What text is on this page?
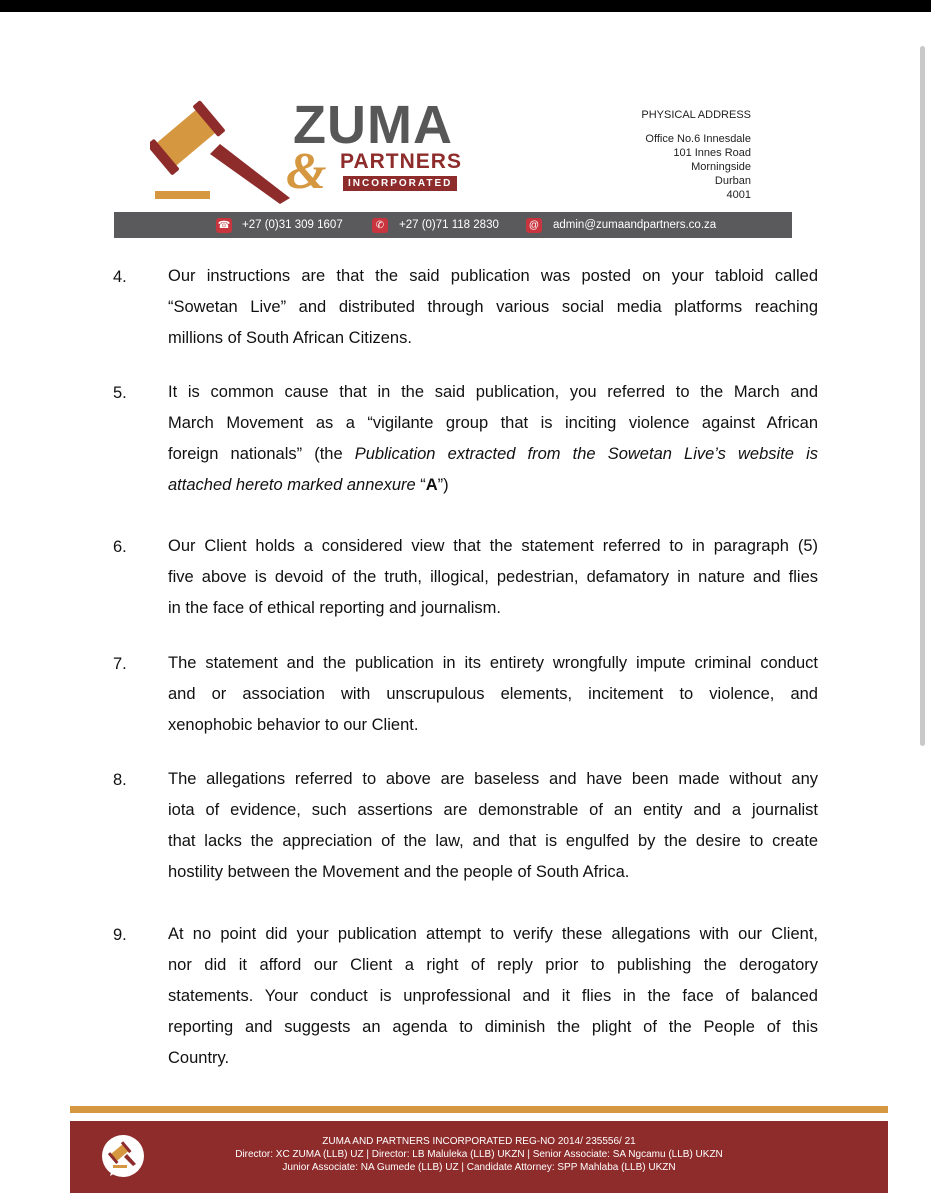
ZUMA
& PARTNERS
INCORPORATED
PHYSICAL ADDRESS
Office No.6 Innesdale
101 Innes Road
Morningside
Durban
4001
☎ +27 (0)31 309 1607	✆	+27 (0)71 118 2830	@ admin@zumaandpartners.co.za
4. Our instructions are that the said publication was posted on your tabloid called
“Sowetan Live” and distributed through various social media platforms reaching
millions of South African Citizens.
5. It is common cause that in the said publication, you referred to the March and
March Movement as a “vigilante group that is inciting violence against African
foreign nationals” (the Publication extracted from the Sowetan Live’s website is
attached hereto marked annexure “A”)
6. Our Client holds a considered view that the statement referred to in paragraph (5)
five above is devoid of the truth, illogical, pedestrian, defamatory in nature and flies
in the face of ethical reporting and journalism.
7. The statement and the publication in its entirety wrongfully impute criminal conduct
and or association with unscrupulous elements, incitement to violence, and
xenophobic behavior to our Client.
8. The allegations referred to above are baseless and have been made without any
iota of evidence, such assertions are demonstrable of an entity and a journalist
that lacks the appreciation of the law, and that is engulfed by the desire to create
hostility between the Movement and the people of South Africa.
9. At no point did your publication attempt to verify these allegations with our Client,
nor did it afford our Client a right of reply prior to publishing the derogatory
statements. Your conduct is unprofessional and it flies in the face of balanced
reporting and suggests an agenda to diminish the plight of the People of this
Country.
ZUMA AND PARTNERS INCORPORATED REG-NO 2014/ 235556/ 21
Director: XC ZUMA (LLB) UZ | Director: LB Maluleka (LLB) UKZN | Senior Associate: SA Ngcamu (LLB) UKZN
Junior Associate: NA Gumede (LLB) UZ | Candidate Attorney: SPP Mahlaba (LLB) UKZN
